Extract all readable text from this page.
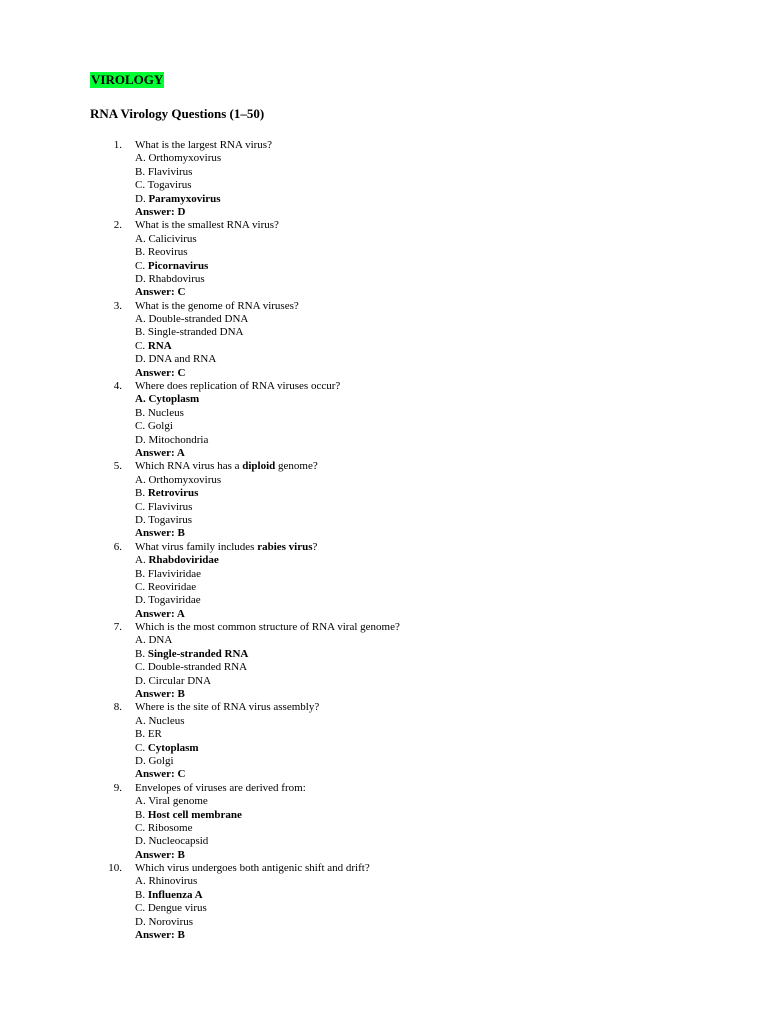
VIROLOGY
RNA Virology Questions (1–50)
1. What is the largest RNA virus?
A. Orthomyxovirus
B. Flavivirus
C. Togavirus
D. Paramyxovirus
Answer: D
2. What is the smallest RNA virus?
A. Calicivirus
B. Reovirus
C. Picornavirus
D. Rhabdovirus
Answer: C
3. What is the genome of RNA viruses?
A. Double-stranded DNA
B. Single-stranded DNA
C. RNA
D. DNA and RNA
Answer: C
4. Where does replication of RNA viruses occur?
A. Cytoplasm
B. Nucleus
C. Golgi
D. Mitochondria
Answer: A
5. Which RNA virus has a diploid genome?
A. Orthomyxovirus
B. Retrovirus
C. Flavivirus
D. Togavirus
Answer: B
6. What virus family includes rabies virus?
A. Rhabdoviridae
B. Flaviviridae
C. Reoviridae
D. Togaviridae
Answer: A
7. Which is the most common structure of RNA viral genome?
A. DNA
B. Single-stranded RNA
C. Double-stranded RNA
D. Circular DNA
Answer: B
8. Where is the site of RNA virus assembly?
A. Nucleus
B. ER
C. Cytoplasm
D. Golgi
Answer: C
9. Envelopes of viruses are derived from:
A. Viral genome
B. Host cell membrane
C. Ribosome
D. Nucleocapsid
Answer: B
10. Which virus undergoes both antigenic shift and drift?
A. Rhinovirus
B. Influenza A
C. Dengue virus
D. Norovirus
Answer: B
